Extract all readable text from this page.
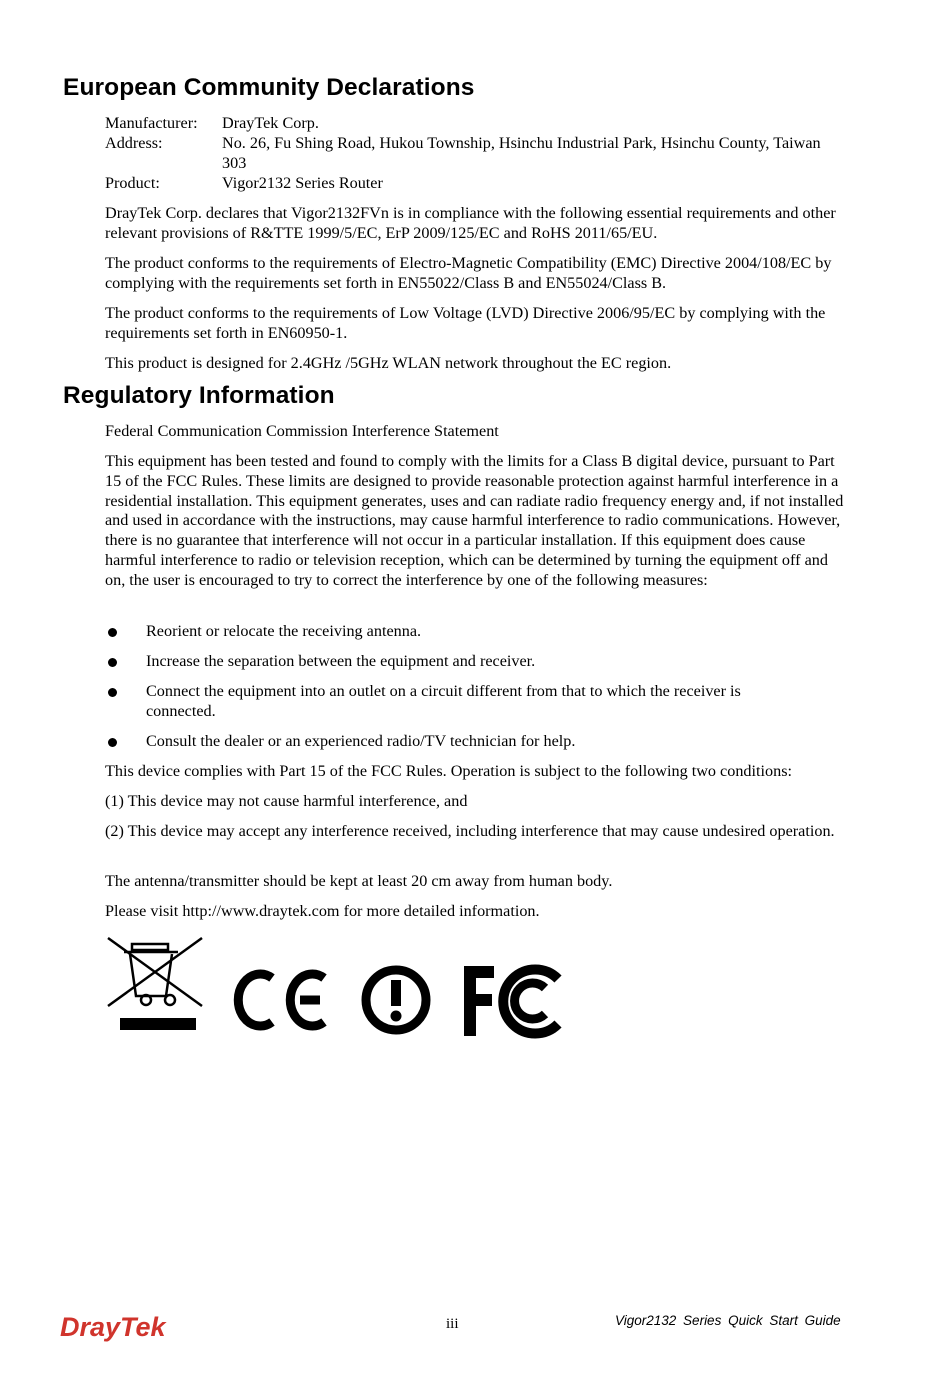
European Community Declarations
Manufacturer: DrayTek Corp.
Address:	No. 26, Fu Shing Road, Hukou Township, Hsinchu Industrial Park, Hsinchu County, Taiwan 303
Product:	Vigor2132 Series Router

DrayTek Corp. declares that Vigor2132FVn is in compliance with the following essential requirements and other relevant provisions of R&TTE 1999/5/EC, ErP 2009/125/EC and RoHS 2011/65/EU.

The product conforms to the requirements of Electro-Magnetic Compatibility (EMC) Directive 2004/108/EC by complying with the requirements set forth in EN55022/Class B and EN55024/Class B.

The product conforms to the requirements of Low Voltage (LVD) Directive 2006/95/EC by complying with the requirements set forth in EN60950-1.

This product is designed for 2.4GHz /5GHz WLAN network throughout the EC region.

Regulatory Information

Federal Communication Commission Interference Statement

This equipment has been tested and found to comply with the limits for a Class B digital device, pursuant to Part 15 of the FCC Rules. These limits are designed to provide reasonable protection against harmful interference in a residential installation. This equipment generates, uses and can radiate radio frequency energy and, if not installed and used in accordance with the instructions, may cause harmful interference to radio communications. However, there is no guarantee that interference will not occur in a particular installation. If this equipment does cause harmful interference to radio or television reception, which can be determined by turning the equipment off and on, the user is encouraged to try to correct the interference by one of the following measures:

Reorient or relocate the receiving antenna.
Increase the separation between the equipment and receiver.
Connect the equipment into an outlet on a circuit different from that to which the receiver is connected.
Consult the dealer or an experienced radio/TV technician for help.

This device complies with Part 15 of the FCC Rules. Operation is subject to the following two conditions:

(1) This device may not cause harmful interference, and

(2) This device may accept any interference received, including interference that may cause undesired operation.

The antenna/transmitter should be kept at least 20 cm away from human body.

Please visit http://www.draytek.com for more detailed information.

DrayTek	iii	Vigor2132 Series Quick Start Guide
